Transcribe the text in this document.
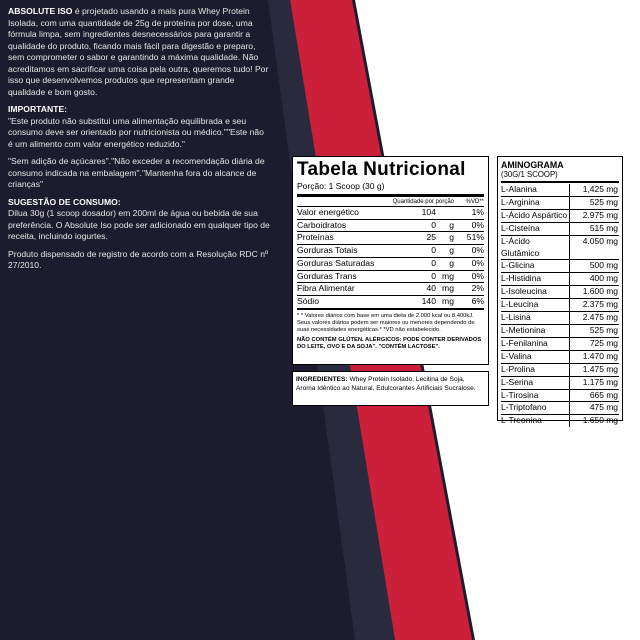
ABSOLUTE ISO é projetado usando a mais pura Whey Protein Isolada, com uma quantidade de 25g de proteína por dose, uma fórmula limpa, sem ingredientes desnecessários para garantir a qualidade do produto, ficando mais fácil para digestão e preparo, sem comprometer o sabor e garantindo a máxima qualidade. Não acreditamos em sacrificar uma coisa pela outra, queremos tudo! Por isso que desenvolvemos produtos que representam grande qualidade e bom gosto.

IMPORTANTE:

"Este produto não substitui uma alimentação equilibrada e seu consumo deve ser orientado por nutricionista ou médico.""Este não é um alimento com valor energético reduzido."

"Sem adição de açúcares"."Não exceder a recomendação diária de consumo indicada na embalagem"."Mantenha fora do alcance de crianças"

SUGESTÃO DE CONSUMO:

Dilua 30g (1 scoop dosador) em 200ml de água ou bebida de sua preferência. O Absolute Iso pode ser adicionado em qualquer tipo de receita, incluindo iogurtes.

Produto dispensado de registro de acordo com a Resolução RDC nº 27/2010.

Tabela Nutricional
Porção: 1 Scoop (30 g)
Quantidade por porção	%VD**
Valor energético	104	1%
Carboidratos	0	g	0%
Proteínas	25	g	51%
Gorduras Totais	0	g	0%
Gorduras Saturadas	0	g	0%
Gorduras Trans	0 mg	0%
Fibra Alimentar	40 mg	2%
Sódio	140 mg	6%
* * Valores diários com base em uma dieta de 2.000 kcal ou 8.400kJ. Seus valores diários podem ser maiores ou menores dependendo de suas necessidades energéticas.* *VD não estabelecido.
NÃO CONTÉM GLÚTEN. ALÉRGICOS: PODE CONTER DERIVADOS DO LEITE, OVO E DA SOJA". "CONTÉM LACTOSE".
INGREDIENTES: Whey Protein Isolado, Lecitina de Soja, Aroma Idêntico ao Natural, Edulcorantes Artificiais Sucralose.
AMINOGRAMA
(30G/1 SCOOP)
L-Alanina	1,425 mg
L-Arginina	525 mg
L-Ácido Aspártico	2.975 mg
L-Cisteína	515 mg
L-Ácido Glutâmico
4.050 mg
L-Glicina	500 mg
L-Histidina	400 mg
L-Isoleucina	1.600 mg
L-Leucina	2.375 mg
L-Lisina	2.475 mg
L-Metionina	525 mg
L-Fenilanina	725 mg
L-Valina	1.470 mg
L-Prolina	1.475 mg
L-Serina	1.175 mg
L-Tirosina	665 mg
L-Triptofano	475 mg
L-Treonina	1.650 mg
